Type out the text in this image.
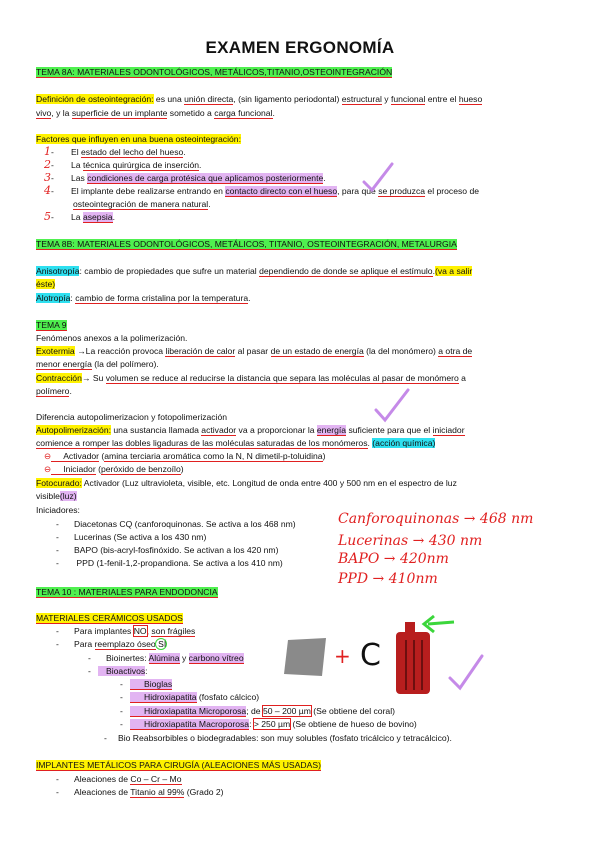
EXAMEN ERGONOMÍA
TEMA 8A: MATERIALES ODONTOLÓGICOS, METÁLICOS,TITANIO,OSTEOINTEGRACIÓN
Definición de osteointegración: es una unión directa, (sin ligamento periodontal) estructural y funcional entre el hueso
vivo, y la superficie de un implante sometido a carga funcional.
Factores que influyen en una buena osteointegración:
1- El estado del lecho del hueso.
2- La técnica quirúrgica de inserción.
3- Las condiciones de carga protésica que aplicamos posteriormente.
4- El implante debe realizarse entrando en contacto directo con el hueso, para que se produzca el proceso de
osteointegración de manera natural.
5- La asepsia.
TEMA 8B: MATERIALES ODONTOLÓGICOS, METÁLICOS, TITANIO, OSTEOINTEGRACIÓN, METALURGIA
Anisotropía: cambio de propiedades que sufre un material dependiendo de donde se aplique el estímulo.(va a salir
éste)
Alotropía: cambio de forma cristalina por la temperatura.
TEMA 9
Fenómenos anexos a la polimerización.
Exotermia →La reacción provoca liberación de calor al pasar de un estado de energía (la del monómero) a otra de
menor energía (la del polímero).
Contracción→ Su volumen se reduce al reducirse la distancia que separa las moléculas al pasar de monómero a
polímero.
Diferencia autopolimerizacion y fotopolimerización
Autopolimerización: una sustancia llamada activador va a proporcionar la energía suficiente para que el iniciador
comience a romper las dobles ligaduras de las moléculas saturadas de los monómeros. (acción química)
⊖ Activador (amina terciaria aromática como la N, N dimetil-p-toluidina)
⊖ Iniciador (peróxido de benzoílo)
Fotocurado: Activador (Luz ultravioleta, visible, etc. Longitud de onda entre 400 y 500 nm en el espectro de luz
visible(luz)
Iniciadores:
- Diacetonas CQ (canforoquinonas. Se activa a los 468 nm)
- Lucerinas (Se activa a los 430 nm)
- BAPO (bis-acryl-fosfinóxido. Se activan a los 420 nm)
- PPD (1-fenil-1,2-propandiona. Se activa a los 410 nm)
Canforoquinonas → 468 nm
Lucerinas → 430 nm
BAPO → 420nm
PPD → 410nm
TEMA 10 : MATERIALES PARA ENDODONCIA
MATERIALES CERÁMICOS USADOS
- Para implantes NO, son frágiles
- Para reemplazo óseo SÍ
- Bioinertes: Alúmina y carbono vítreo
- Bioactivos:
- Bioglas
- Hidroxiapatita (fosfato cálcico)
- Hidroxiapatita Microporosa; de 50 – 200 µm (Se obtiene del coral)
- Hidroxiapatita Macroporosa: > 250 µm (Se obtiene de hueso de bovino)
- Bio Reabsorbibles o biodegradables: son muy solubles (fosfato tricálcico y tetracálcico).
+ C
IMPLANTES METÁLICOS PARA CIRUGÍA (ALEACIONES MÁS USADAS)
- Aleaciones de Co – Cr – Mo
- Aleaciones de Titanio al 99% (Grado 2)
